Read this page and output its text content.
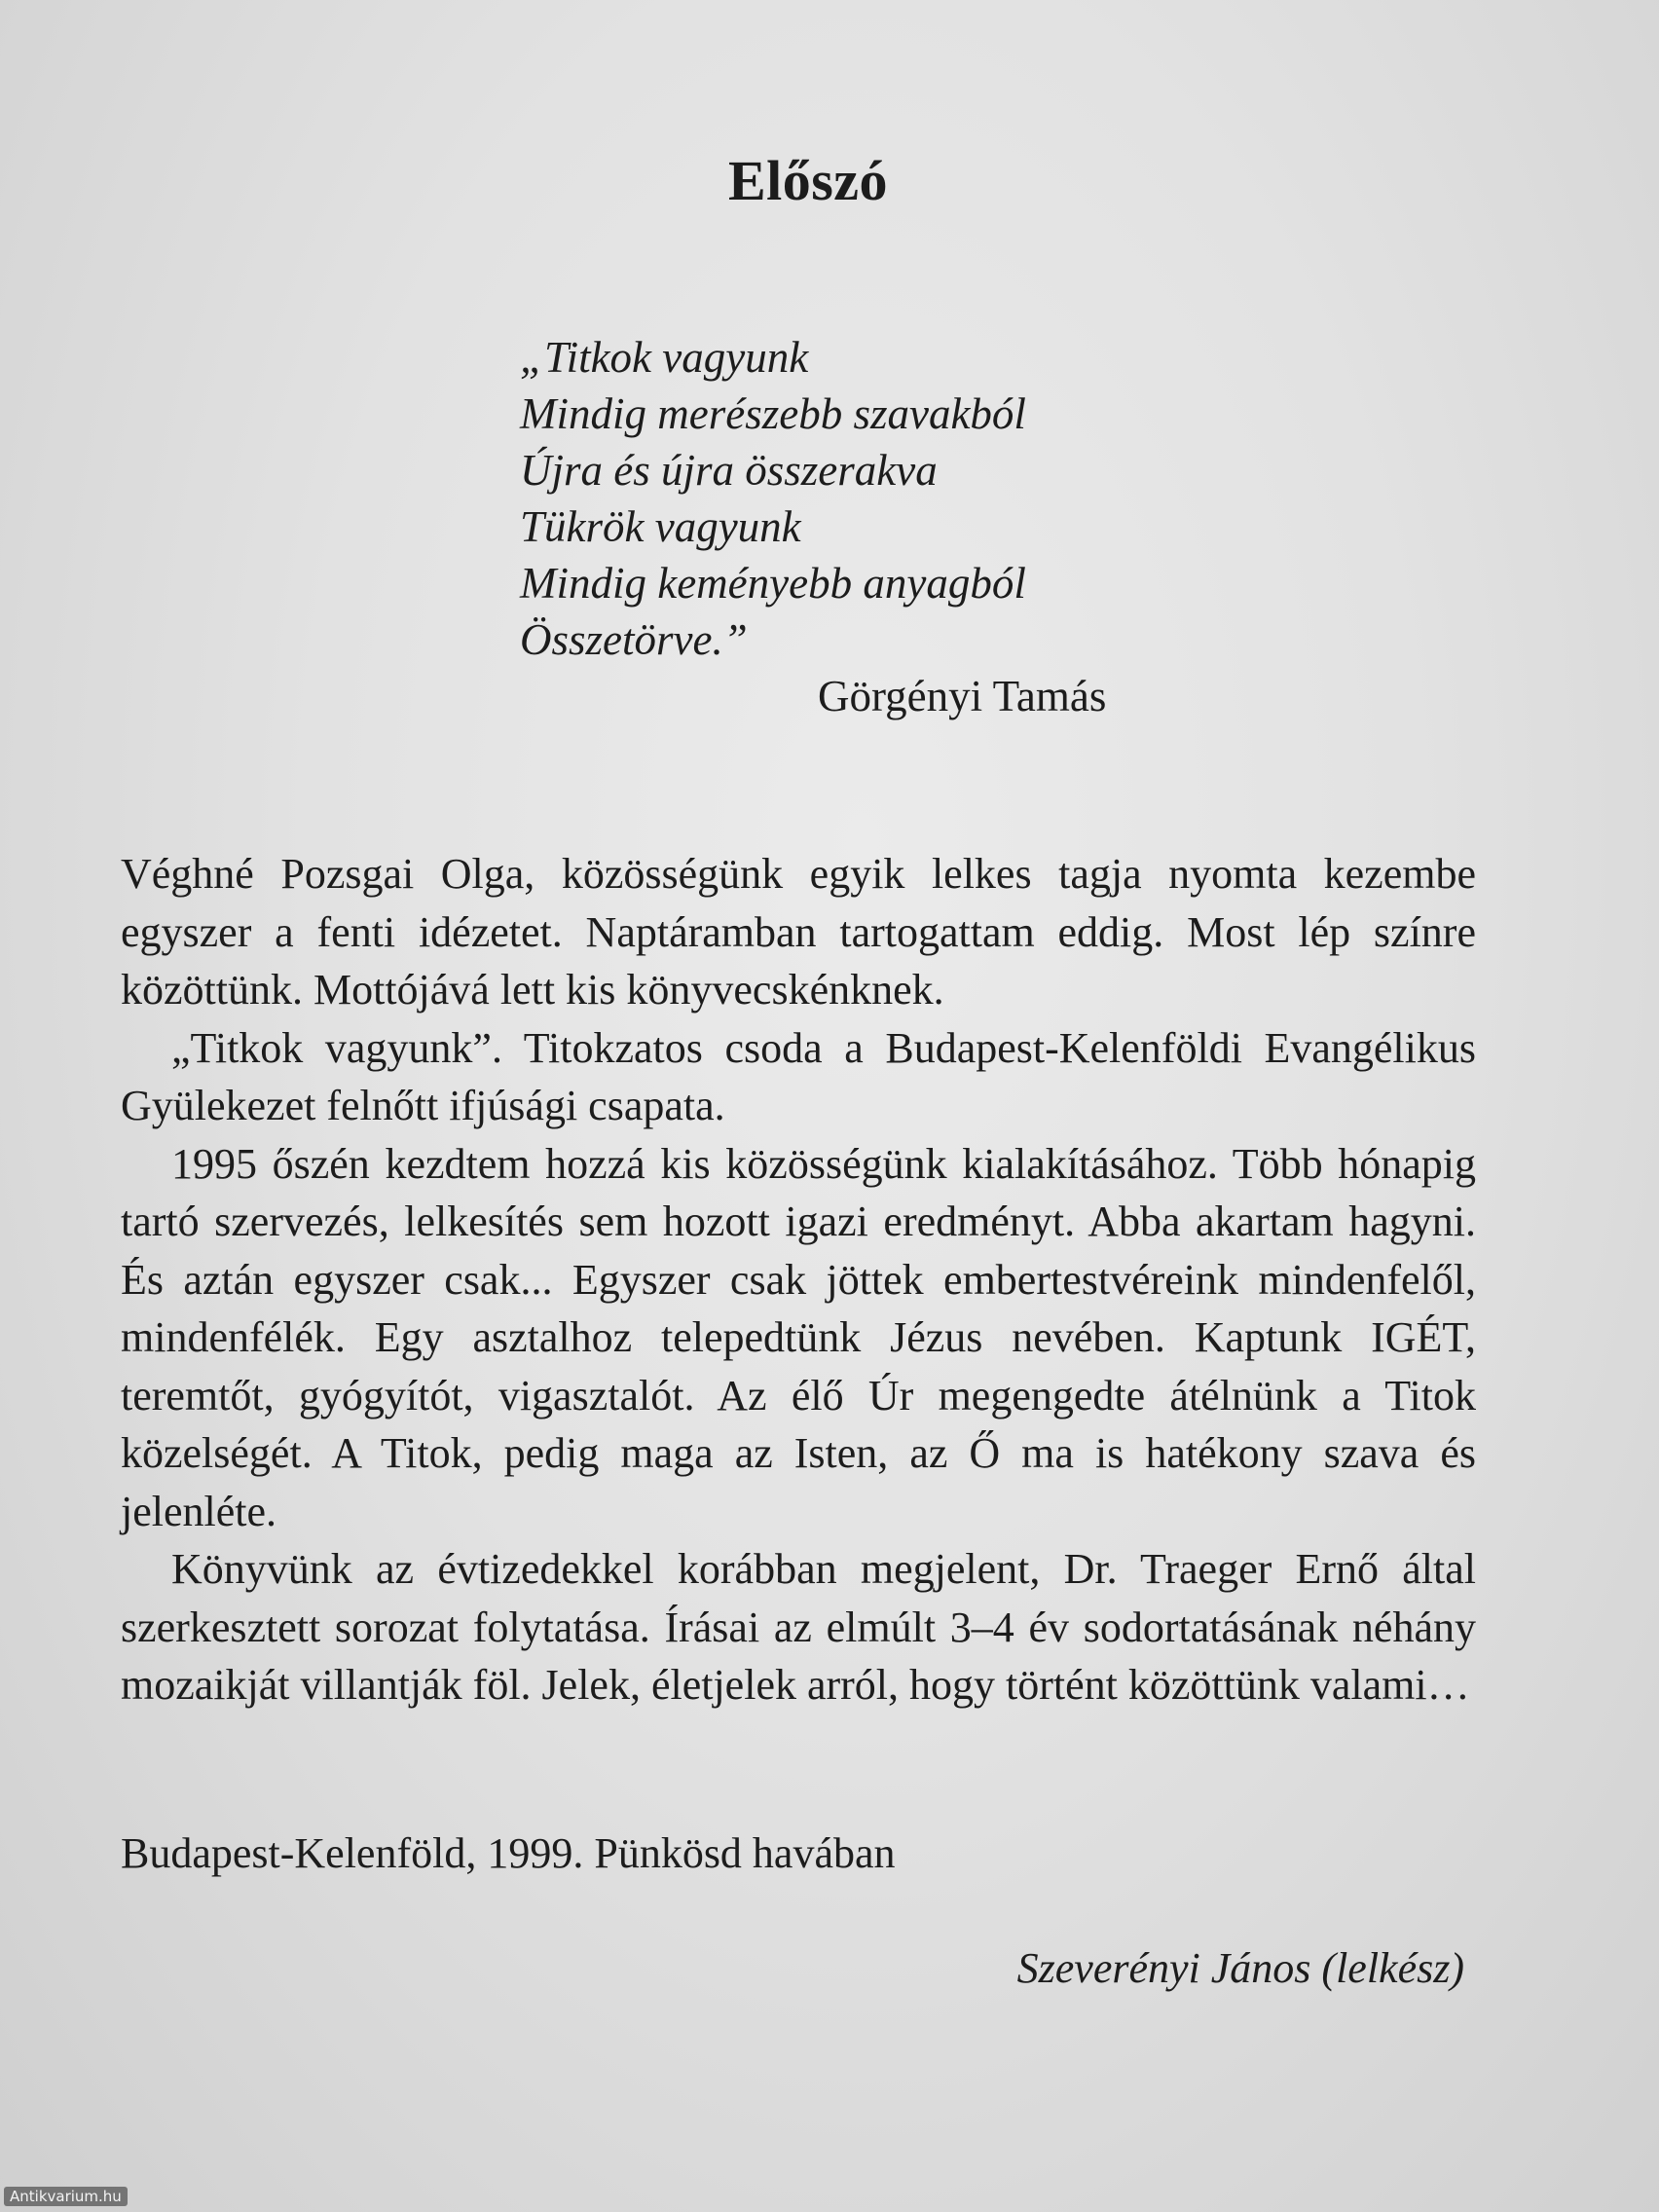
Előszó
„Titkok vagyunk
Mindig merészebb szavakból
Újra és újra összerakva
Tükrök vagyunk
Mindig keményebb anyagból
Összetörve.”
Görgényi Tamás

Véghné Pozsgai Olga, közösségünk egyik lelkes tagja nyomta kezembe egyszer a fenti idézetet. Naptáramban tartogattam eddig. Most lép színre közöttünk. Mottójává lett kis könyvecskénknek.

„Titkok vagyunk”. Titokzatos csoda a Budapest-Kelenföldi Evangélikus Gyülekezet felnőtt ifjúsági csapata.

1995 őszén kezdtem hozzá kis közösségünk kialakításához. Több hónapig tartó szervezés, lelkesítés sem hozott igazi eredményt. Abba akartam hagyni. És aztán egyszer csak... Egyszer csak jöttek embertestvéreink mindenfelől, mindenfélék. Egy asztalhoz telepedtünk Jézus nevében. Kaptunk IGÉT, teremtőt, gyógyítót, vigasztalót. Az élő Úr megengedte átélnünk a Titok közelségét. A Titok, pedig maga az Isten, az Ő ma is hatékony szava és jelenléte.

Könyvünk az évtizedekkel korábban megjelent, Dr. Traeger Ernő által szerkesztett sorozat folytatása. Írásai az elmúlt 3–4 év sodortatásának néhány mozaikját villantják föl. Jelek, életjelek arról, hogy történt közöttünk valami…

Budapest-Kelenföld, 1999. Pünkösd havában
Szeverényi János (lelkész)
Antikvarium.hu
